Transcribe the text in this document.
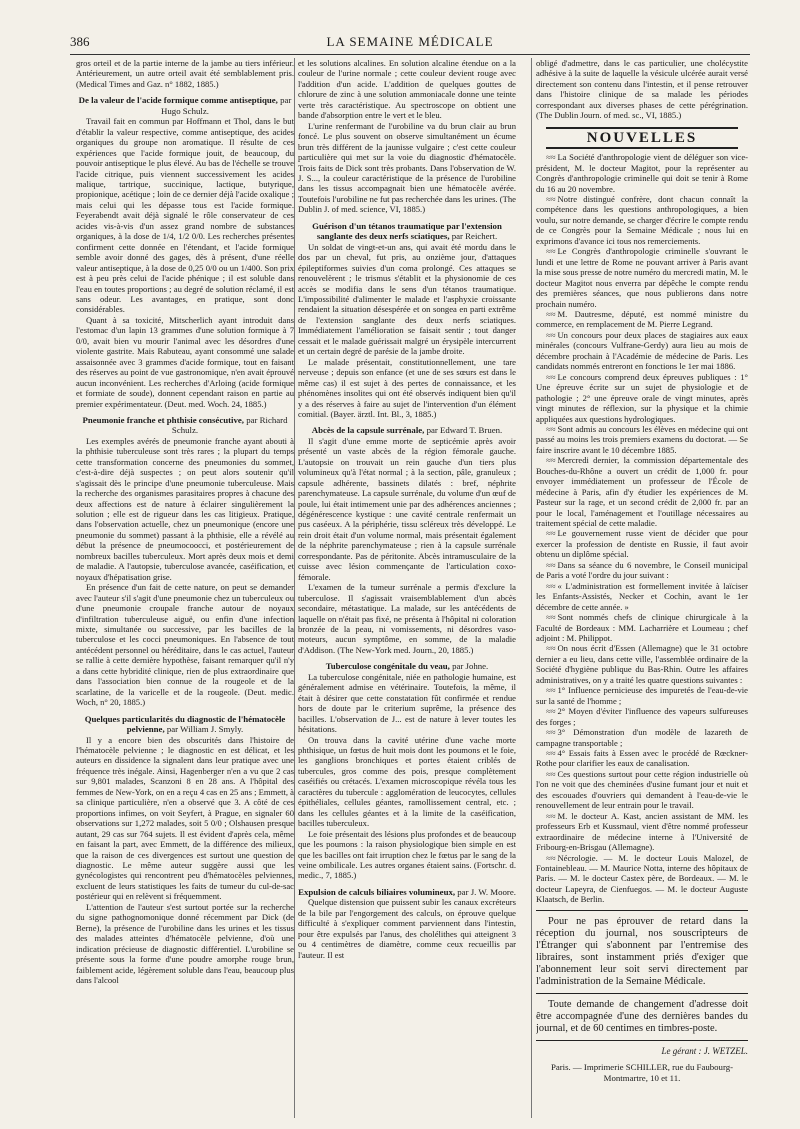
386	LA SEMAINE MÉDICALE

gros orteil et de la partie interne de la jambe au tiers inférieur. Antérieurement, un autre orteil avait été semblablement pris. (Medical Times and Gaz. n° 1882, 1885.)

De la valeur de l'acide formique comme antiseptique, par Hugo Schulz.

Travail fait en commun par Hoffmann et Thol, dans le but d'établir la valeur respective, comme antiseptique, des acides organiques du groupe non aromatique. Il résulte de ces expériences que l'acide formique jouit, de beaucoup, du pouvoir antiseptique le plus élevé. Au bas de l'échelle se trouve l'acide citrique, puis viennent successivement les acides malique, tartrique, succinique, lactique, butyrique, propionique, acétique ; loin de ce dernier déjà l'acide oxalique ; mais celui qui les dépasse tous est l'acide formique. Feyerabendt avait déjà signalé le rôle conservateur de ces acides vis-à-vis d'un assez grand nombre de substances organiques, à la dose de 1/4, 1/2 0/0. Les recherches présentes confirment cette donnée en l'étendant, et l'acide formique semble avoir donné des gages, dès à présent, d'une réelle valeur antiseptique, à la dose de 0,25 0/0 ou un 1/400. Son prix est à peu près celui de l'acide phénique ; il est soluble dans l'eau en toutes proportions ; au degré de solution réclamé, il est sans odeur. Les avantages, en pratique, sont donc considérables.

Quant à sa toxicité, Mitscherlich ayant introduit dans l'estomac d'un lapin 13 grammes d'une solution formique à 7 0/0, avait bien vu mourir l'animal avec les désordres d'une violente gastrite. Mais Rabuteau, ayant consommé une salade assaisonnée avec 3 grammes d'acide formique, tout en faisant des réserves au point de vue gastronomique, n'en avait éprouvé aucun inconvénient. Les recherches d'Arloing (acide formique et formiate de soude), donnent cependant raison en partie au premier expérimentateur. (Deut. med. Woch. 24, 1885.)

Pneumonie franche et phthisie consécutive, par Richard Schulz.

Les exemples avérés de pneumonie franche ayant abouti à la phthisie tuberculeuse sont très rares ; la plupart du temps cette transformation concerne des pneumonies du sommet, c'est-à-dire déjà suspectes ; on peut alors soutenir qu'il s'agissait dès le principe d'une pneumonie tuberculeuse. Mais la recherche des organismes parasitaires propres à chacune des deux affections est de nature à éclairer singulièrement la solution ; elle est de rigueur dans les cas litigieux. Pratique, dans l'observation actuelle, chez un pneumonique (encore une pneumonie du sommet) passant à la phthisie, elle a révélé au début la présence de pneumocoocci, et postérieurement de nombreux bacilles tuberculeux. Mort après deux mois et demi de maladie. A l'autopsie, tuberculose avancée, caséification, et noyaux d'hépatisation grise.

En présence d'un fait de cette nature, on peut se demander avec l'auteur s'il s'agit d'une pneumonie chez un tuberculeux ou d'une pneumonie croupale franche autour de noyaux d'infiltration tuberculeuse aiguë, ou enfin d'une infection mixte, simultanée ou successive, par les bacilles de la tuberculose et les cocci pneumoniques. En l'absence de tout antécédent personnel ou héréditaire, dans le cas actuel, l'auteur se rallie à cette dernière hypothèse, faisant remarquer qu'il n'y a dans cette hybridité clinique, rien de plus extraordinaire que dans l'association bien connue de la rougeole et de la scarlatine, de la varicelle et de la rougeole. (Deut. medic. Woch, n° 20, 1885.)

Quelques particularités du diagnostic de l'hématocèle pelvienne, par William J. Smyly.

Il y a encore bien des obscurités dans l'histoire de l'hématocèle pelvienne ; le diagnostic en est délicat, et les auteurs en dissidence la signalent dans leur pratique avec une fréquence très inégale. Ainsi, Hagenberger n'en a vu que 2 cas sur 9,801 malades, Scanzoni 8 en 28 ans. A l'hôpital des femmes de New-York, on en a reçu 4 cas en 25 ans ; Emmett, à sa clinique particulière, n'en a observé que 3. A côté de ces proportions infimes, on voit Seyfert, à Prague, en signaler 60 observations sur 1,272 malades, soit 5 0/0 ; Olshausen presque autant, 29 cas sur 764 sujets. Il est évident d'après cela, même en faisant la part, avec Emmett, de la différence des milieux, que la raison de ces divergences est surtout une question de diagnostic. Le même auteur suggère aussi que les gynécologistes qui rencontrent peu d'hématocèles pelviennes, excluent de leurs statistiques les faits de tumeur du cul-de-sac postérieur qui en relèvent si fréquemment.

L'attention de l'auteur s'est surtout portée sur la recherche du signe pathognomonique donné récemment par Dick (de Berne), la présence de l'urobiline dans les urines et les tissus des malades atteintes d'hématocèle pelvienne, d'où une indication précieuse de diagnostic différentiel. L'urobiline se présente sous la forme d'une poudre amorphe rouge brun, faiblement acide, légèrement soluble dans l'eau, beaucoup plus dans l'alcool

et les solutions alcalines. En solution alcaline étendue on a la couleur de l'urine normale ; cette couleur devient rouge avec l'addition d'un acide. L'addition de quelques gouttes de chlorure de zinc à une solution ammoniacale donne une teinte verte très caractéristique. Au spectroscope on obtient une bande d'absorption entre le vert et le bleu.

L'urine renfermant de l'urobiline va du brun clair au brun foncé. Le plus souvent on observe simultanément un écume brun très différent de la jaunisse vulgaire ; c'est cette couleur particulière qui met sur la voie du diagnostic d'hématocèle. Trois faits de Dick sont très probants. Dans l'observation de W. J. S..., la couleur caractéristique de la présence de l'urobiline dans les tissus accompagnait bien une hématocèle avérée. Toutefois l'urobiline ne fut pas recherchée dans les urines. (The Dublin J. of med. science, VI, 1885.)

Guérison d'un tétanos traumatique par l'extension sanglante des deux nerfs sciatiques, par Reichert.

Un soldat de vingt-et-un ans, qui avait été mordu dans le dos par un cheval, fut pris, au onzième jour, d'attaques épileptiformes suivies d'un coma prolongé. Ces attaques se renouvelèrent ; le trismus s'établit et la physionomie de ces accès se modifia dans le sens d'un tétanos traumatique. L'impossibilité d'alimenter le malade et l'asphyxie croissante rendaient la situation désespérée et on songea en parti extrême de l'extension sanglante des deux nerfs sciatiques. Immédiatement l'amélioration se faisait sentir ; tout danger cessait et le malade guérissait malgré un érysipèle intercurrent et un certain degré de parésie de la jambe droite.

Le malade présentait, constitutionnellement, une tare nerveuse ; depuis son enfance (et une de ses sœurs est dans le même cas) il est sujet à des pertes de connaissance, et les phénomènes insolites qui ont été observés indiquent bien qu'il y a des réserves à faire au sujet de l'intervention d'un élément comitial. (Bayer. ärztl. Int. Bl., 3, 1885.)

Abcès de la capsule surrénale, par Edward T. Bruen.

Il s'agit d'une emme morte de septicémie après avoir présenté un vaste abcès de la région fémorale gauche. L'autopsie on trouvait un rein gauche d'un tiers plus volumineux qu'à l'état normal ; à la section, pâle, granuleux ; capsule adhérente, bassinets dilatés : bref, néphrite parenchymateuse. La capsule surrénale, du volume d'un œuf de poule, lui était intimement unie par des adhérences anciennes ; dégénérescence kystique : une cavité centrale renfermait un pus caséeux. A la périphérie, tissu scléreux très développé. Le rein droit était d'un volume normal, mais présentait également de la néphrite parenchymateuse ; rien à la capsule surrénale correspondante. Pas de péritonite. Abcès intramusculaire de la cuisse avec lésion commençante de l'articulation coxo-fémorale.

L'examen de la tumeur surrénale a permis d'exclure la tuberculose. Il s'agissait vraisemblablement d'un abcès secondaire, métastatique. La malade, sur les antécédents de laquelle on n'était pas fixé, ne présenta à l'hôpital ni coloration bronzée de la peau, ni vomissements, ni désordres vaso-moteurs, aucun symptôme, en somme, de la maladie d'Addison. (The New-York med. Journ., 20, 1885.)

Tuberculose congénitale du veau, par Johne.

La tuberculose congénitale, niée en pathologie humaine, est généralement admise en vétérinaire. Toutefois, la même, il était à désirer que cette constatation fût confirmée et rendue hors de doute par le criterium suprême, la présence des bacilles. L'observation de J... est de nature à lever toutes les hésitations.

On trouva dans la cavité utérine d'une vache morte phthisique, un fœtus de huit mois dont les poumons et le foie, les ganglions bronchiques et portes étaient criblés de tubercules, gros comme des pois, presque complètement caséifiés ou crétacés. L'examen microscopique révéla tous les caractères du tubercule : agglomération de leucocytes, cellules épithéliales, cellules géantes, ramollissement central, etc. ; dans les cellules géantes et à la limite de la caséification, bacilles tuberculeux.

Le foie présentait des lésions plus profondes et de beaucoup que les poumons : la raison physiologique bien simple en est que les bacilles ont fait irruption chez le fœtus par le sang de la veine ombilicale. Les autres organes étaient sains. (Fortschr. d. medic., 7, 1885.)

Expulsion de calculs biliaires volumineux, par J. W. Moore.

Quelque distension que puissent subir les canaux excréteurs de la bile par l'engorgement des calculs, on éprouve quelque difficulté à s'expliquer comment parviennent dans l'intestin, pour être expulsés par l'anus, des cholélithes qui atteignent 3 ou 4 centimètres de diamètre, comme ceux recueillis par l'auteur. Il est

obligé d'admettre, dans le cas particulier, une cholécystite adhésive à la suite de laquelle la vésicule ulcérée aurait versé directement son contenu dans l'intestin, et il pense retrouver dans l'histoire clinique de sa malade les périodes correspondant aux diverses phases de cette pérégrination. (The Dublin Journ. of med. sc., VI, 1885.)

NOUVELLES

≈≈ La Société d'anthropologie vient de déléguer son vice-président, M. le docteur Magitot, pour la représenter au Congrès d'anthropologie criminelle qui doit se tenir à Rome du 16 au 20 novembre.

≈≈ Notre distingué confrère, dont chacun connaît la compétence dans les questions anthropologiques, a bien voulu, sur notre demande, se charger d'écrire le compte rendu de ce Congrès pour la Semaine Médicale ; nous lui en exprimons d'avance ici tous nos remerciements.

≈≈ Le Congrès d'anthropologie criminelle s'ouvrant le lundi et une lettre de Rome ne pouvant arriver à Paris avant la mise sous presse de notre numéro du mercredi matin, M. le docteur Magitot nous enverra par dépêche le compte rendu des premières séances, que nous publierons dans notre prochain numéro.

≈≈ M. Dautresme, député, est nommé ministre du commerce, en remplacement de M. Pierre Legrand.

≈≈ Un concours pour deux places de stagiaires aux eaux minérales (concours Vulfrane-Gerdy) aura lieu au mois de décembre prochain à l'Académie de médecine de Paris. Les candidats nommés entreront en fonctions le 1er mai 1886.

≈≈ Le concours comprend deux épreuves publiques : 1° Une épreuve écrite sur un sujet de physiologie et de pathologie ; 2° une épreuve orale de vingt minutes, après vingt minutes de réflexion, sur la physique et la chimie appliquées aux questions hydrologiques.

≈≈ Sont admis au concours les élèves en médecine qui ont passé au moins les trois premiers examens du doctorat. — Se faire inscrire avant le 10 décembre 1885.

≈≈ Mercredi dernier, la commission départementale des Bouches-du-Rhône a ouvert un crédit de 1,000 fr. pour envoyer immédiatement un professeur de l'École de médecine à Paris, afin d'y étudier les expériences de M. Pasteur sur la rage, et un second crédit de 2,000 fr. par an pour le local, l'aménagement et l'outillage nécessaires au traitement spécial de cette maladie.

≈≈ Le gouvernement russe vient de décider que pour exercer la profession de dentiste en Russie, il faut avoir obtenu un diplôme spécial.

≈≈ Dans sa séance du 6 novembre, le Conseil municipal de Paris a voté l'ordre du jour suivant :

≈≈ « L'administration est formellement invitée à laïciser les Enfants-Assistés, Necker et Cochin, avant le 1er décembre de cette année. »

≈≈ Sont nommés chefs de clinique chirurgicale à la Faculté de Bordeaux : MM. Lacharrière et Loumeau ; chef adjoint : M. Philippot.

≈≈ On nous écrit d'Essen (Allemagne) que le 31 octobre dernier a eu lieu, dans cette ville, l'assemblée ordinaire de la Société d'hygiène publique du Bas-Rhin. Outre les affaires administratives, on y a traité les quatre questions suivantes :

≈≈ 1° Influence pernicieuse des impuretés de l'eau-de-vie sur la santé de l'homme ;

≈≈ 2° Moyen d'éviter l'influence des vapeurs sulfureuses des forges ;

≈≈ 3° Démonstration d'un modèle de lazareth de campagne transportable ;

≈≈ 4° Essais faits à Essen avec le procédé de Rœckner-Rothe pour clarifier les eaux de canalisation.

≈≈ Ces questions surtout pour cette région industrielle où l'on ne voit que des cheminées d'usine fumant jour et nuit et des escouades d'ouvriers qui demandent à l'eau-de-vie le renouvellement de leur entrain pour le travail.

≈≈ M. le docteur A. Kast, ancien assistant de MM. les professeurs Erb et Kussmaul, vient d'être nommé professeur extraordinaire de médecine interne à l'Université de Fribourg-en-Brisgau (Allemagne).

≈≈ Nécrologie. — M. le docteur Louis Malozel, de Fontainebleau. — M. Maurice Notta, interne des hôpitaux de Paris. — M. le docteur Castex père, de Bordeaux. — M. le docteur Lapeyra, de Cienfuegos. — M. le docteur Auguste Klaatsch, de Berlin.

Pour ne pas éprouver de retard dans la réception du journal, nos souscripteurs de l'Étranger qui s'abonnent par l'entremise des libraires, sont instamment priés d'exiger que l'abonnement leur soit servi directement par l'administration de la Semaine Médicale.

Toute demande de changement d'adresse doit être accompagnée d'une des dernières bandes du journal, et de 60 centimes en timbres-poste.

Le gérant : J. WETZEL.
Paris. — Imprimerie SCHILLER, rue du Faubourg-
Montmartre, 10 et 11.
